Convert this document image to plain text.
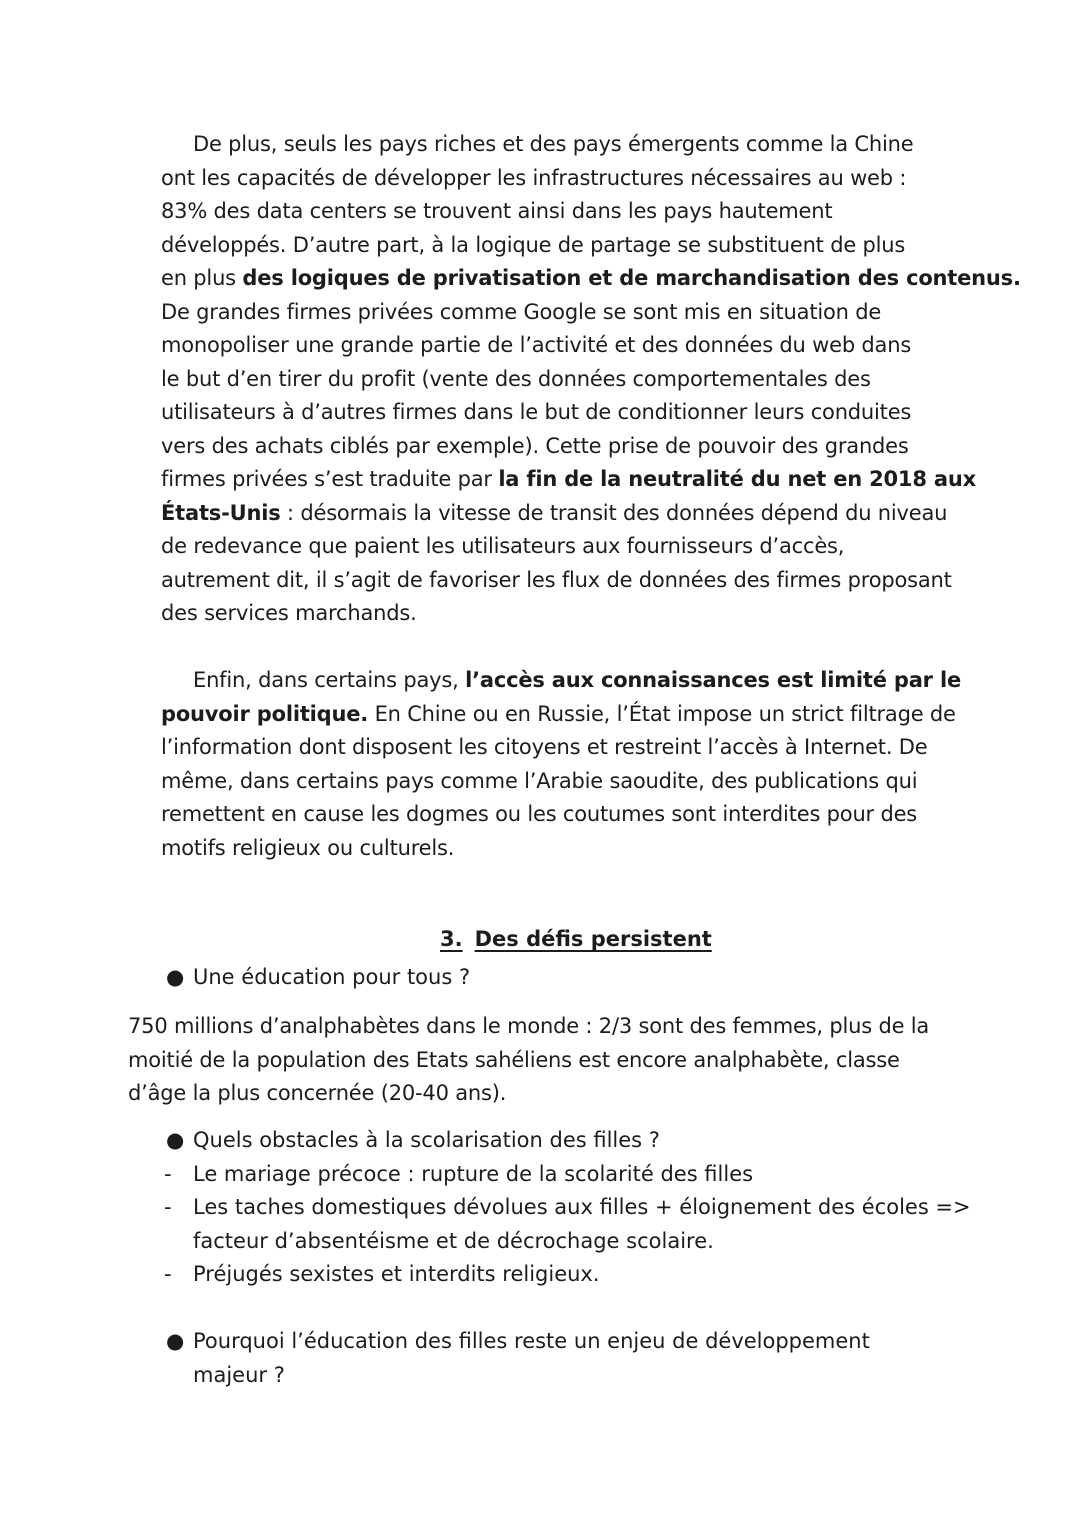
De plus, seuls les pays riches et des pays émergents comme la Chine
ont les capacités de développer les infrastructures nécessaires au web :
83% des data centers se trouvent ainsi dans les pays hautement
développés. D’autre part, à la logique de partage se substituent de plus
en plus des logiques de privatisation et de marchandisation des contenus.
De grandes firmes privées comme Google se sont mis en situation de
monopoliser une grande partie de l’activité et des données du web dans
le but d’en tirer du profit (vente des données comportementales des
utilisateurs à d’autres firmes dans le but de conditionner leurs conduites
vers des achats ciblés par exemple). Cette prise de pouvoir des grandes
firmes privées s’est traduite par la fin de la neutralité du net en 2018 aux
États-Unis : désormais la vitesse de transit des données dépend du niveau
de redevance que paient les utilisateurs aux fournisseurs d’accès,
autrement dit, il s’agit de favoriser les flux de données des firmes proposant
des services marchands.

Enfin, dans certains pays, l’accès aux connaissances est limité par le
pouvoir politique. En Chine ou en Russie, l’État impose un strict filtrage de
l’information dont disposent les citoyens et restreint l’accès à Internet. De
même, dans certains pays comme l’Arabie saoudite, des publications qui
remettent en cause les dogmes ou les coutumes sont interdites pour des
motifs religieux ou culturels.

3. Des défis persistent
● Une éducation pour tous ?

750 millions d’analphabètes dans le monde : 2/3 sont des femmes, plus de la
moitié de la population des Etats sahéliens est encore analphabète, classe
d’âge la plus concernée (20-40 ans).

● Quels obstacles à la scolarisation des filles ?
- Le mariage précoce : rupture de la scolarité des filles
- Les taches domestiques dévolues aux filles + éloignement des écoles =>
facteur d’absentéisme et de décrochage scolaire.
- Préjugés sexistes et interdits religieux.
● Pourquoi l’éducation des filles reste un enjeu de développement
majeur ?
